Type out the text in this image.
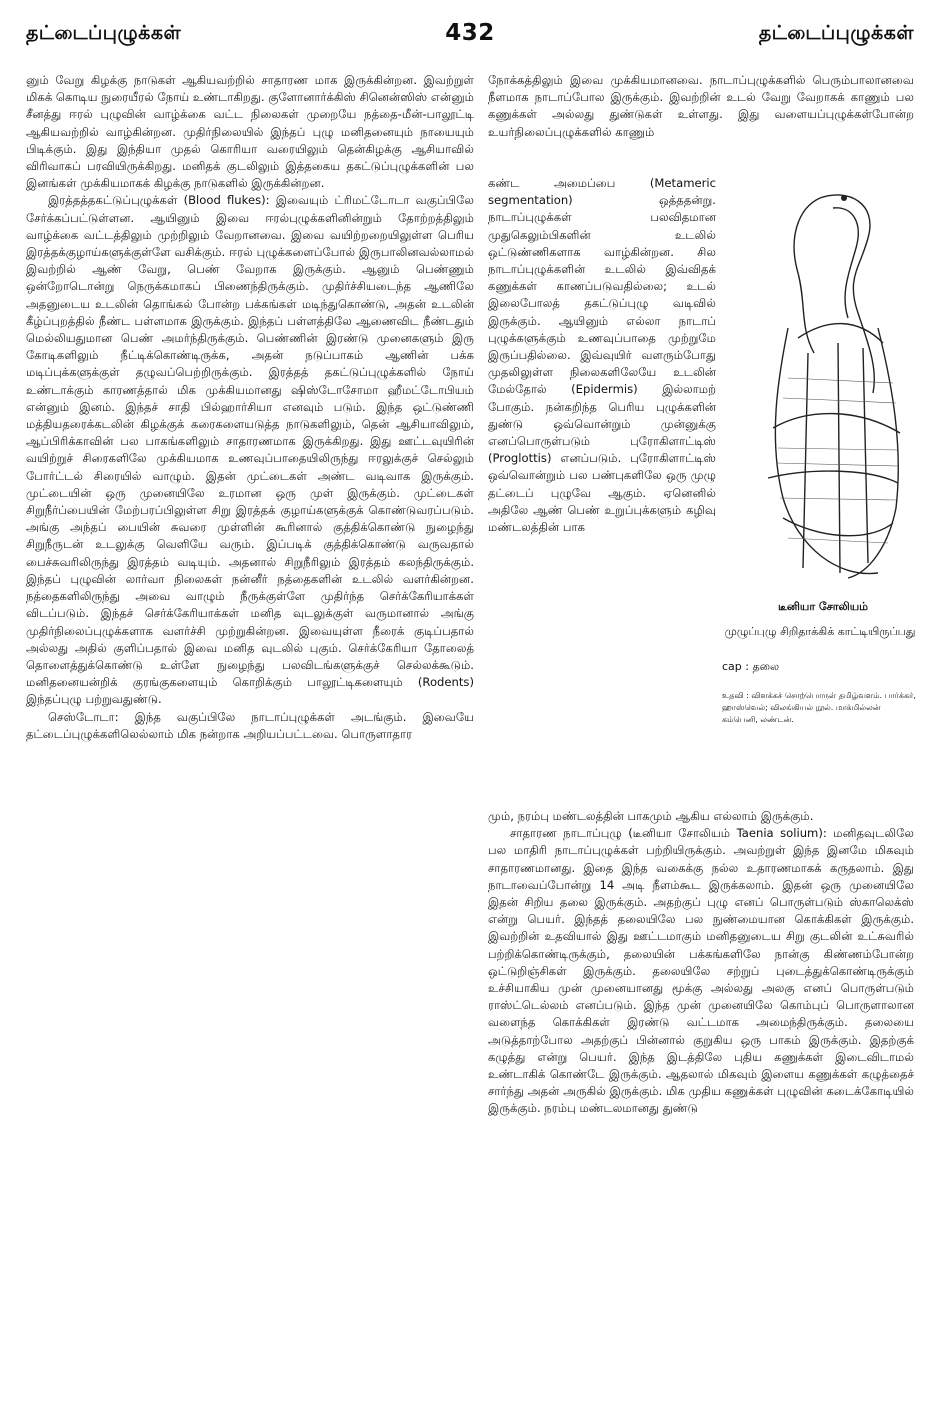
தட்டைப்புழுக்கள்	432	தட்டைப்புழுக்கள்

னும் வேறு கிழக்கு நாடுகள் ஆகியவற்றில் சாதாரண மாக இருக்கின்றன. இவற்றுள் மிகக் கொடிய நுரையீரல் நோய் உண்டாகிறது. குளோனார்க்கிஸ் சினென்ஸிஸ் என்னும் சீனத்து ஈரல் புழுவின் வாழ்க்கை வட்ட நிலைகள் முறையே நத்தை-மீன்-பாலூட்டி ஆகியவற்றில் வாழ்கின்றன. முதிர்நிலையில் இந்தப் புழு மனிதனையும் நாயையும் பிடிக்கும். இது இந்தியா முதல் கொரியா வரையிலும் தென்கிழக்கு ஆசியாவில் விரிவாகப் பரவியிருக்கிறது. மனிதக் குடலிலும் இத்தகைய தகட்டுப்புழுக்களின் பல இனங்கள் முக்கியமாகக் கிழக்கு நாடுகளில் இருக்கின்றன.

இரத்தத்தகட்டுப்புழுக்கள் (Blood flukes): இவையும் ட்ரிமட்டோடா வகுப்பிலே சேர்க்கப்பட்டுள்ளன. ஆயினும் இவை ஈரல்புழுக்களினின்றும் தோற்றத்திலும் வாழ்க்கை வட்டத்திலும் முற்றிலும் வேறானவை. இவை வயிற்றறையிலுள்ள பெரிய இரத்தக்குழாய்களுக்குள்ளே வசிக்கும். ஈரல் புழுக்களைப்போல் இருபாலினவல்லாமல் இவற்றில் ஆண் வேறு, பெண் வேறாக இருக்கும். ஆனும் பெண்ணும் ஒன்றோடொன்று நெருக்கமாகப் பிணைந்திருக்கும். முதிர்ச்சியடைந்த ஆணிலே அதனுடைய உடலின் தொங்கல் போன்ற பக்கங்கள் மடிந்துகொண்டு, அதன் உடலின் கீழ்ப்புறத்தில் நீண்ட பள்ளமாக இருக்கும். இந்தப் பள்ளத்திலே ஆணைவிட நீண்டதும் மெல்லியதுமான பெண் அமர்ந்திருக்கும். பெண்ணின் இரண்டு முனைகளும் இரு கோடிகளிலும் நீட்டிக்கொண்டிருக்க, அதன் நடுப்பாகம் ஆணின் பக்க மடிப்புக்களுக்குள் தழுவப்பெற்றிருக்கும். இரத்தத் தகட்டுப்புழுக்களில் நோய் உண்டாக்கும் காரணத்தால் மிக முக்கியமானது ஷிஸ்டோசோமா ஹீமட்டோபியம் என்னும் இனம். இந்தச் சாதி பில்ஹார்சியா எனவும் படும். இந்த ஒட்டுண்ணி மத்தியதரைக்கடலின் கிழக்குக் கரைகளையடுத்த நாடுகளிலும், தென் ஆசியாவிலும், ஆப்பிரிக்காவின் பல பாகங்களிலும் சாதாரணமாக இருக்கிறது. இது ஊட்டவுயிரின் வயிற்றுச் சிரைகளிலே முக்கியமாக உணவுப்பாதையிலிருந்து ஈரலுக்குச் செல்லும் போர்ட்டல் சிரையில் வாழும். இதன் முட்டைகள் அண்ட வடிவாக இருக்கும். முட்டையின் ஒரு முனையிலே உரமான ஒரு முள் இருக்கும். முட்டைகள் சிறுநீர்ப்பையின் மேற்பரப்பிலுள்ள சிறு இரத்தக் குழாய்களுக்குக் கொண்டுவரப்படும். அங்கு அந்தப் பையின் சுவரை முள்ளின் கூரினால் குத்திக்கொண்டு நுழைந்து சிறுநீருடன் உடலுக்கு வெளியே வரும். இப்படிக் குத்திக்கொண்டு வருவதால் பைச்சுவரிலிருந்து இரத்தம் வடியும். அதனால் சிறுநீரிலும் இரத்தம் கலந்திருக்கும். இந்தப் புழுவின் லார்வா நிலைகள் நன்னீர் நத்தைகளின் உடலில் வளர்கின்றன. நத்தைகளிலிருந்து அவை வாழும் நீருக்குள்ளே முதிர்ந்த செர்க்கேரியாக்கள் விடப்படும். இந்தச் செர்க்கேரியாக்கள் மனித வுடலுக்குள் வருமானால் அங்கு முதிர்நிலைப்புழுக்களாக வளர்ச்சி முற்றுகின்றன. இவையுள்ள நீரைக் குடிப்பதால் அல்லது அதில் குளிப்பதால் இவை மனித வுடலில் புகும். செர்க்கேரியா தோலைத் தொளைத்துக்கொண்டு உள்ளே நுழைந்து பலவிடங்களுக்குச் செல்லக்கூடும். மனிதனையன்றிக் குரங்குகளையும் கொறிக்கும் பாலூட்டிகளையும் (Rodents) இந்தப்புழு பற்றுவதுண்டு.

செஸ்டோடா: இந்த வகுப்பிலே நாடாப்புழுக்கள் அடங்கும். இவையே தட்டைப்புழுக்களிலெல்லாம் மிக நன்றாக அறியப்பட்டவை. பொருளாதார

நோக்கத்திலும் இவை முக்கியமானவை. நாடாப்புழுக்களில் பெரும்பாலானவை நீளமாக நாடாப்போல இருக்கும். இவற்றின் உடல் வேறு வேறாகக் காணும் பல கணுக்கள் அல்லது துண்டுகள் உள்ளது. இது வளையப்புழுக்கள்போன்ற உயர்நிலைப்புழுக்களில் காணும்

கண்ட அமைப்பை (Metameric segmentation) ஒத்ததன்று. நாடாப்புழுக்கள் பலவிதமான முதுகெலும்பிகளின் உடலில் ஒட்டுண்ணிகளாக வாழ்கின்றன. சில நாடாப்புழுக்களின் உடலில் இவ்விதக் கணுக்கள் காணப்படுவதில்லை; உடல் இலைபோலத் தகட்டுப்புழு வடிவில் இருக்கும். ஆயினும் எல்லா நாடாப் புழுக்களுக்கும் உணவுப்பாதை முற்றுமே இருப்பதில்லை. இவ்வுயிர் வளரும்போது முதலிலுள்ள நிலைகளிலேயே உடலின் மேல்தோல் (Epidermis) இல்லாமற் போகும். நன்கறிந்த பெரிய புழுக்களின் துண்டு ஒவ்வொன்றும் முன்னுக்கு எனப்பொருள்படும் புரோகிளாட்டிஸ் (Proglottis) எனப்படும். புரோகிளாட்டிஸ் ஒவ்வொன்றும் பல பண்புகளிலே ஒரு முழு தட்டைப் புழுவே ஆகும். ஏனெனில் அதிலே ஆண் பெண் உறுப்புக்களும் கழிவு மண்டலத்தின் பாக

டீனியா சோலியம்
முழுப்புழு சிறிதாக்கிக் காட்டியிருப்பது
cap : தலை
உதவி : விளக்கச் சொற்பொருள் தமிழ்வளம். பார்க்கர், ஹாஸ்வெல்; விலங்கியல் நூல். மாக்மில்லன் கம்பெனி, லண்டன்.

மும், நரம்பு மண்டலத்தின் பாகமும் ஆகிய எல்லாம் இருக்கும்.

சாதாரண நாடாப்புழு (டீனியா சோலியம் Taenia solium): மனிதவுடலிலே பல மாதிரி நாடாப்புழுக்கள் பற்றியிருக்கும். அவற்றுள் இந்த இனமே மிகவும் சாதாரணமானது. இதை இந்த வகைக்கு நல்ல உதாரணமாகக் கருதலாம். இது நாடாவைப்போன்று 14 அடி நீளம்கூட இருக்கலாம். இதன் ஒரு முனையிலே இதன் சிறிய தலை இருக்கும். அதற்குப் புழு எனப் பொருள்படும் ஸ்காலெக்ஸ் என்று பெயர். இந்தத் தலையிலே பல நுண்மையான கொக்கிகள் இருக்கும். இவற்றின் உதவியால் இது ஊட்டமாகும் மனிதனுடைய சிறு குடலின் உட்சுவரில் பற்றிக்கொண்டிருக்கும், தலையின் பக்கங்களிலே நான்கு கிண்ணம்போன்ற ஒட்டுறிஞ்சிகள் இருக்கும். தலையிலே சற்றுப் புடைத்துக்கொண்டிருக்கும் உச்சியாகிய முன் முனையானது மூக்கு அல்லது அலகு எனப் பொருள்படும் ராஸ்ட்டெல்லம் எனப்படும். இந்த முன் முனையிலே கொம்புப் பொருளாலான வளைந்த கொக்கிகள் இரண்டு வட்டமாக அமைந்திருக்கும். தலையை அடுத்தாற்போல அதற்குப் பின்னால் குறுகிய ஒரு பாகம் இருக்கும். இதற்குக் கழுத்து என்று பெயர். இந்த இடத்திலே புதிய கணுக்கள் இடைவிடாமல் உண்டாகிக் கொண்டே இருக்கும். ஆதலால் மிகவும் இளைய கணுக்கள் கழுத்தைச் சார்ந்து அதன் அருகில் இருக்கும். மிக முதிய கணுக்கள் புழுவின் கடைக்கோடியில் இருக்கும். நரம்பு மண்டலமானது துண்டு
